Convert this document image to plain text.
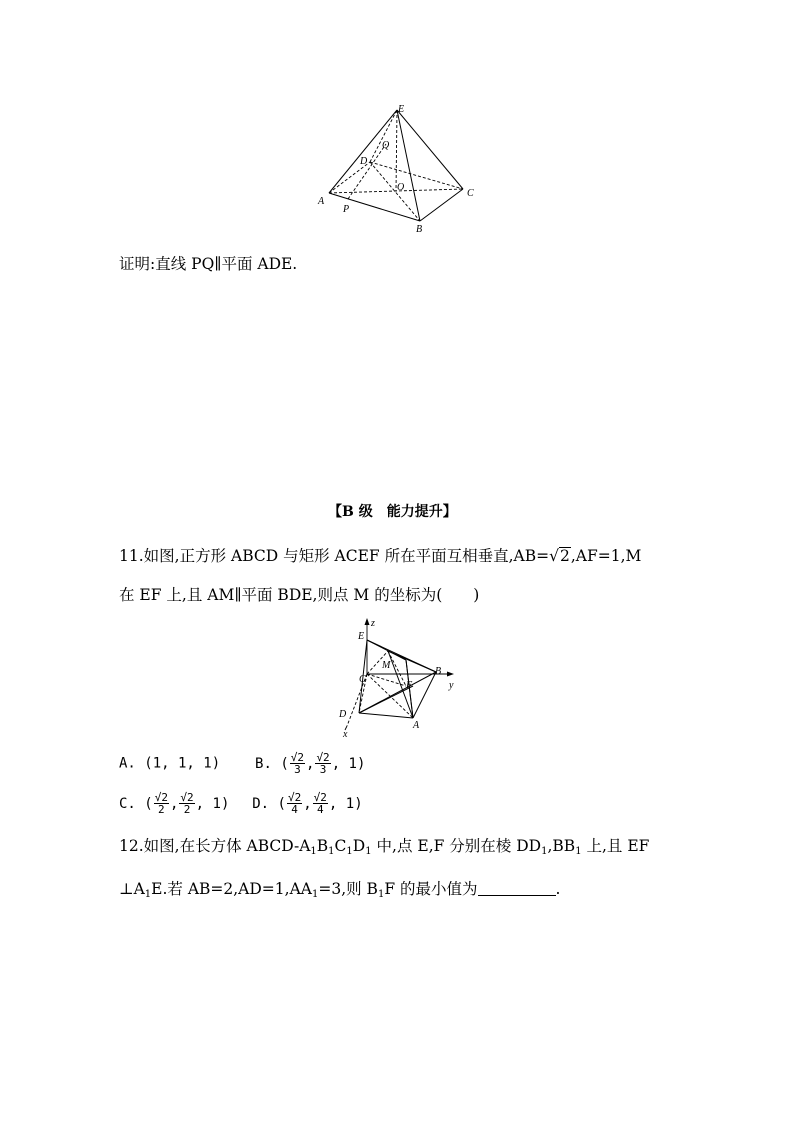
E
Q
D
O
C
A
P
B
证明:直线 PQ∥平面 ADE.
【B 级　能力提升】
11.如图,正方形 ABCD 与矩形 ACEF 所在平面互相垂直,AB=√2,AF=1,M
在 EF 上,且 AM∥平面 BDE,则点 M 的坐标为(　　)
z
E
M
B
y
C
F
D
A
x
A. (1, 1, 1) B. ( $\frac{√2}{3}$ , $\frac{√2}{3}$ , 1)
C. ( $\frac{√2}{2}$ , $\frac{√2}{2}$ , 1) D. ( $\frac{√2}{4}$ , $\frac{√2}{4}$ , 1)
12.如图,在长方体 ABCD-$A_1B_1C_1D_1$ 中,点 E,F 分别在棱 $DD_1,BB_1$ 上,且 EF
$\perp A_1E$.若 $AB=2,AD=1,AA_1=3$,则 $B_1F$ 的最小值为	.
